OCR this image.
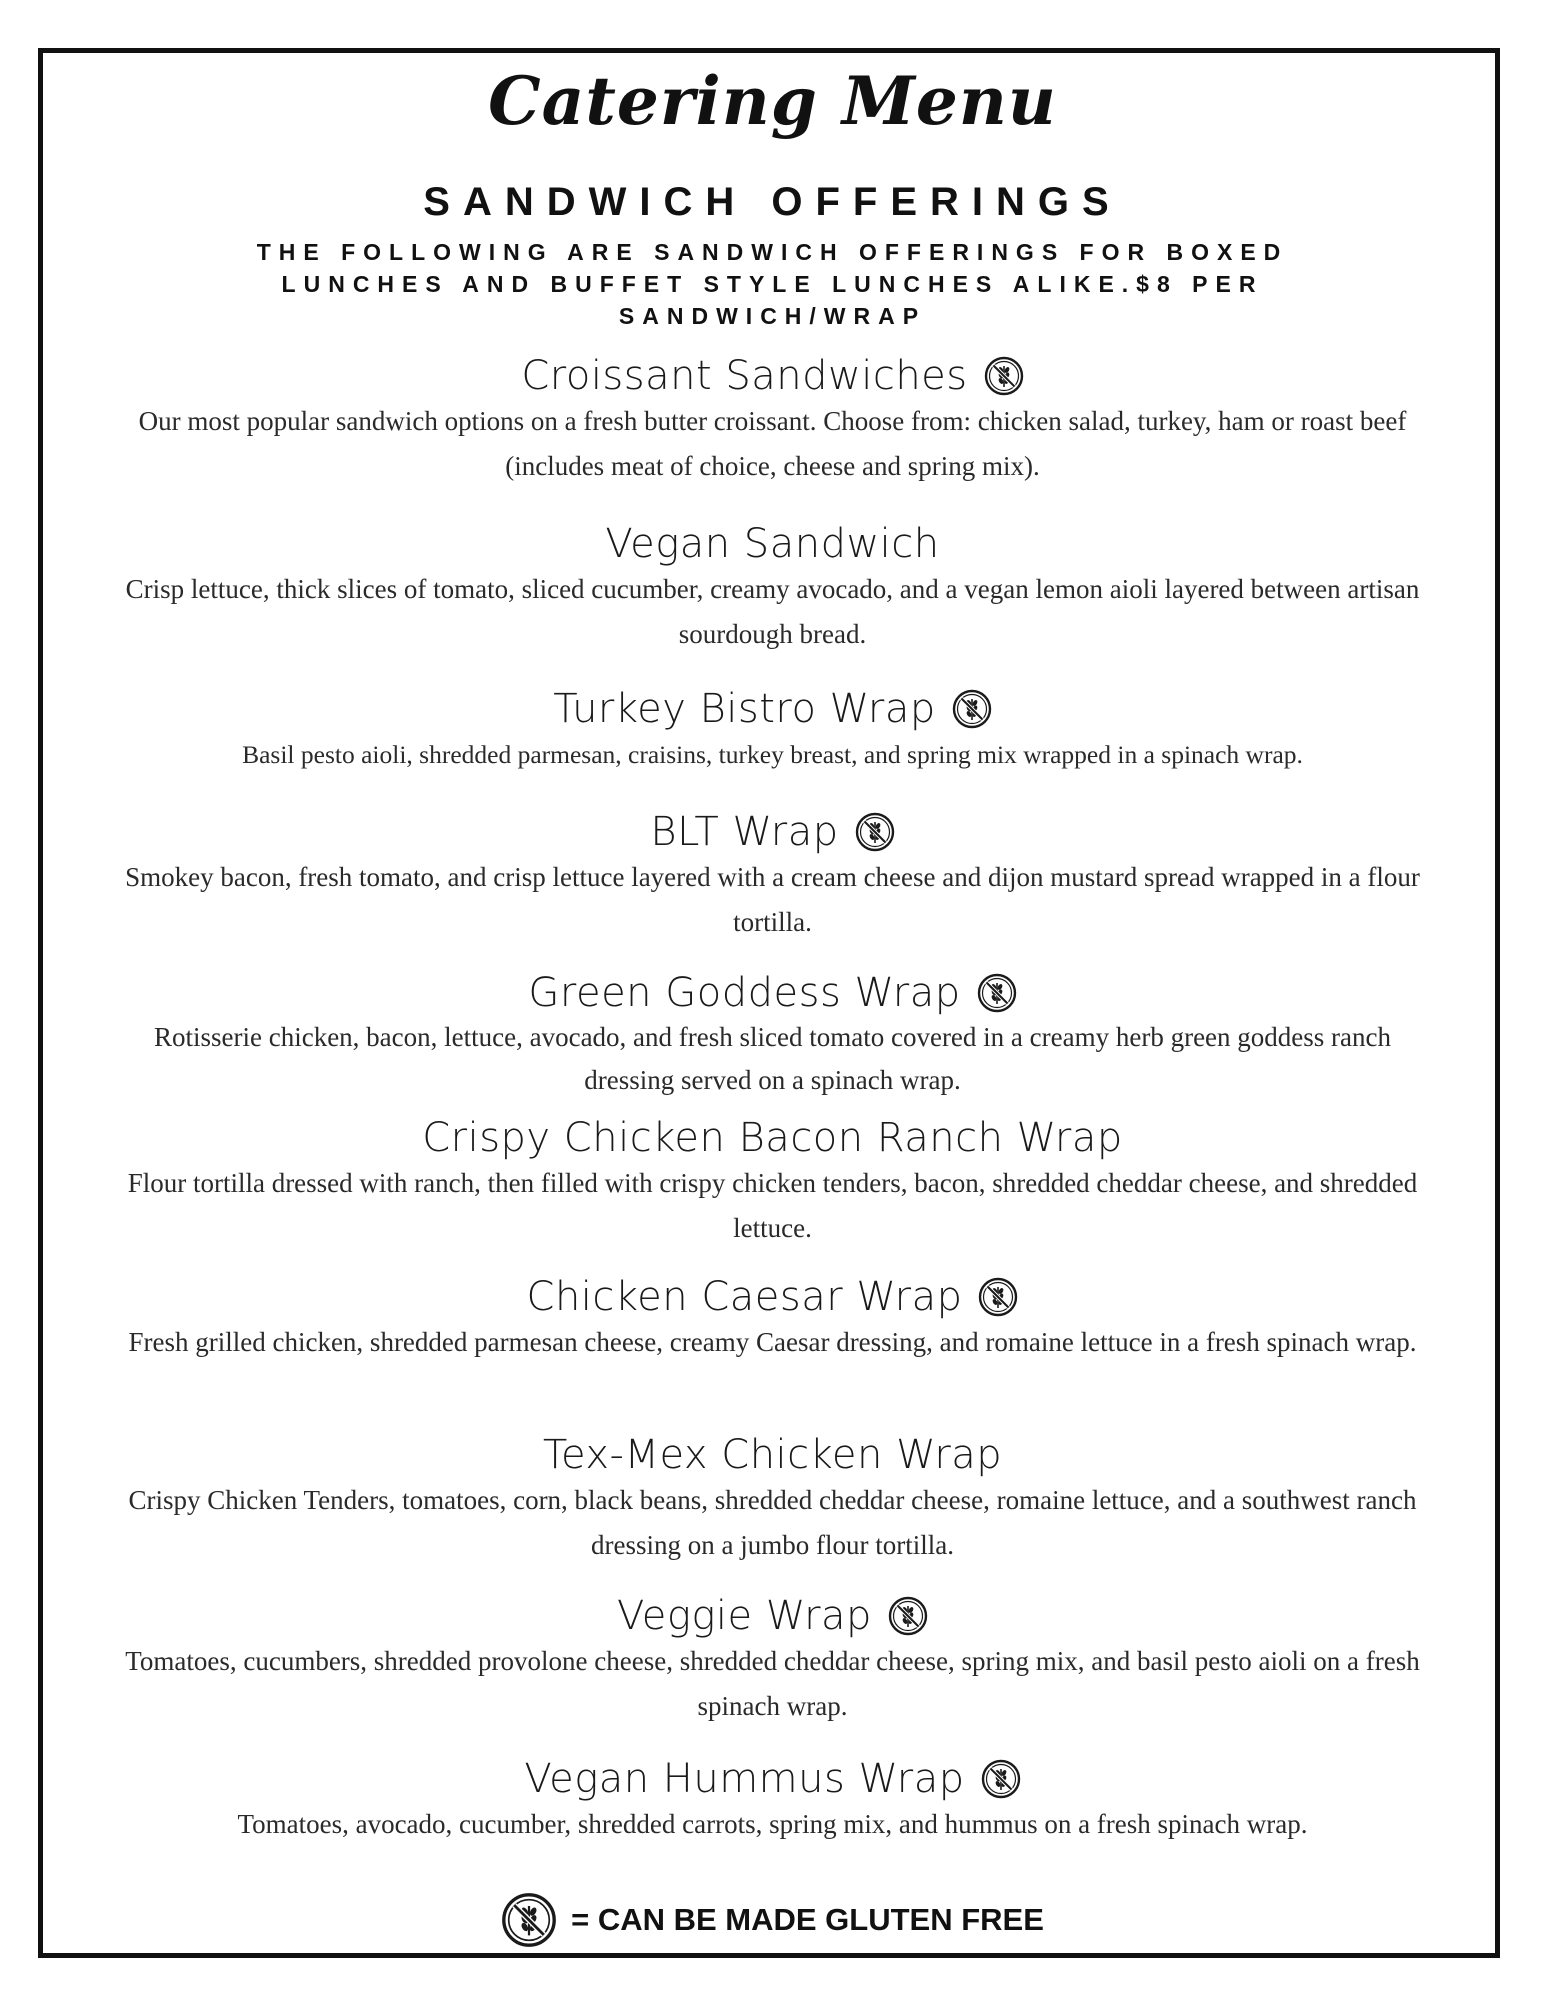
Catering Menu
SANDWICH OFFERINGS
THE FOLLOWING ARE SANDWICH OFFERINGS FOR BOXED LUNCHES AND BUFFET STYLE LUNCHES ALIKE.$8 PER SANDWICH/WRAP
Croissant Sandwiches
Our most popular sandwich options on a fresh butter croissant. Choose from: chicken salad, turkey, ham or roast beef (includes meat of choice, cheese and spring mix).
Vegan Sandwich
Crisp lettuce, thick slices of tomato, sliced cucumber, creamy avocado, and a vegan lemon aioli layered between artisan sourdough bread.
Turkey Bistro Wrap
Basil pesto aioli, shredded parmesan, craisins, turkey breast, and spring mix wrapped in a spinach wrap.
BLT Wrap
Smokey bacon, fresh tomato, and crisp lettuce layered with a cream cheese and dijon mustard spread wrapped in a flour tortilla.
Green Goddess Wrap
Rotisserie chicken, bacon, lettuce, avocado, and fresh sliced tomato covered in a creamy herb green goddess ranch dressing served on a spinach wrap.
Crispy Chicken Bacon Ranch Wrap
Flour tortilla dressed with ranch, then filled with crispy chicken tenders, bacon, shredded cheddar cheese, and shredded lettuce.
Chicken Caesar Wrap
Fresh grilled chicken, shredded parmesan cheese, creamy Caesar dressing, and romaine lettuce in a fresh spinach wrap.
Tex-Mex Chicken Wrap
Crispy Chicken Tenders, tomatoes, corn, black beans, shredded cheddar cheese, romaine lettuce, and a southwest ranch dressing on a jumbo flour tortilla.
Veggie Wrap
Tomatoes, cucumbers, shredded provolone cheese, shredded cheddar cheese, spring mix, and basil pesto aioli on a fresh spinach wrap.
Vegan Hummus Wrap
Tomatoes, avocado, cucumber, shredded carrots, spring mix, and hummus on a fresh spinach wrap.
= CAN BE MADE GLUTEN FREE
